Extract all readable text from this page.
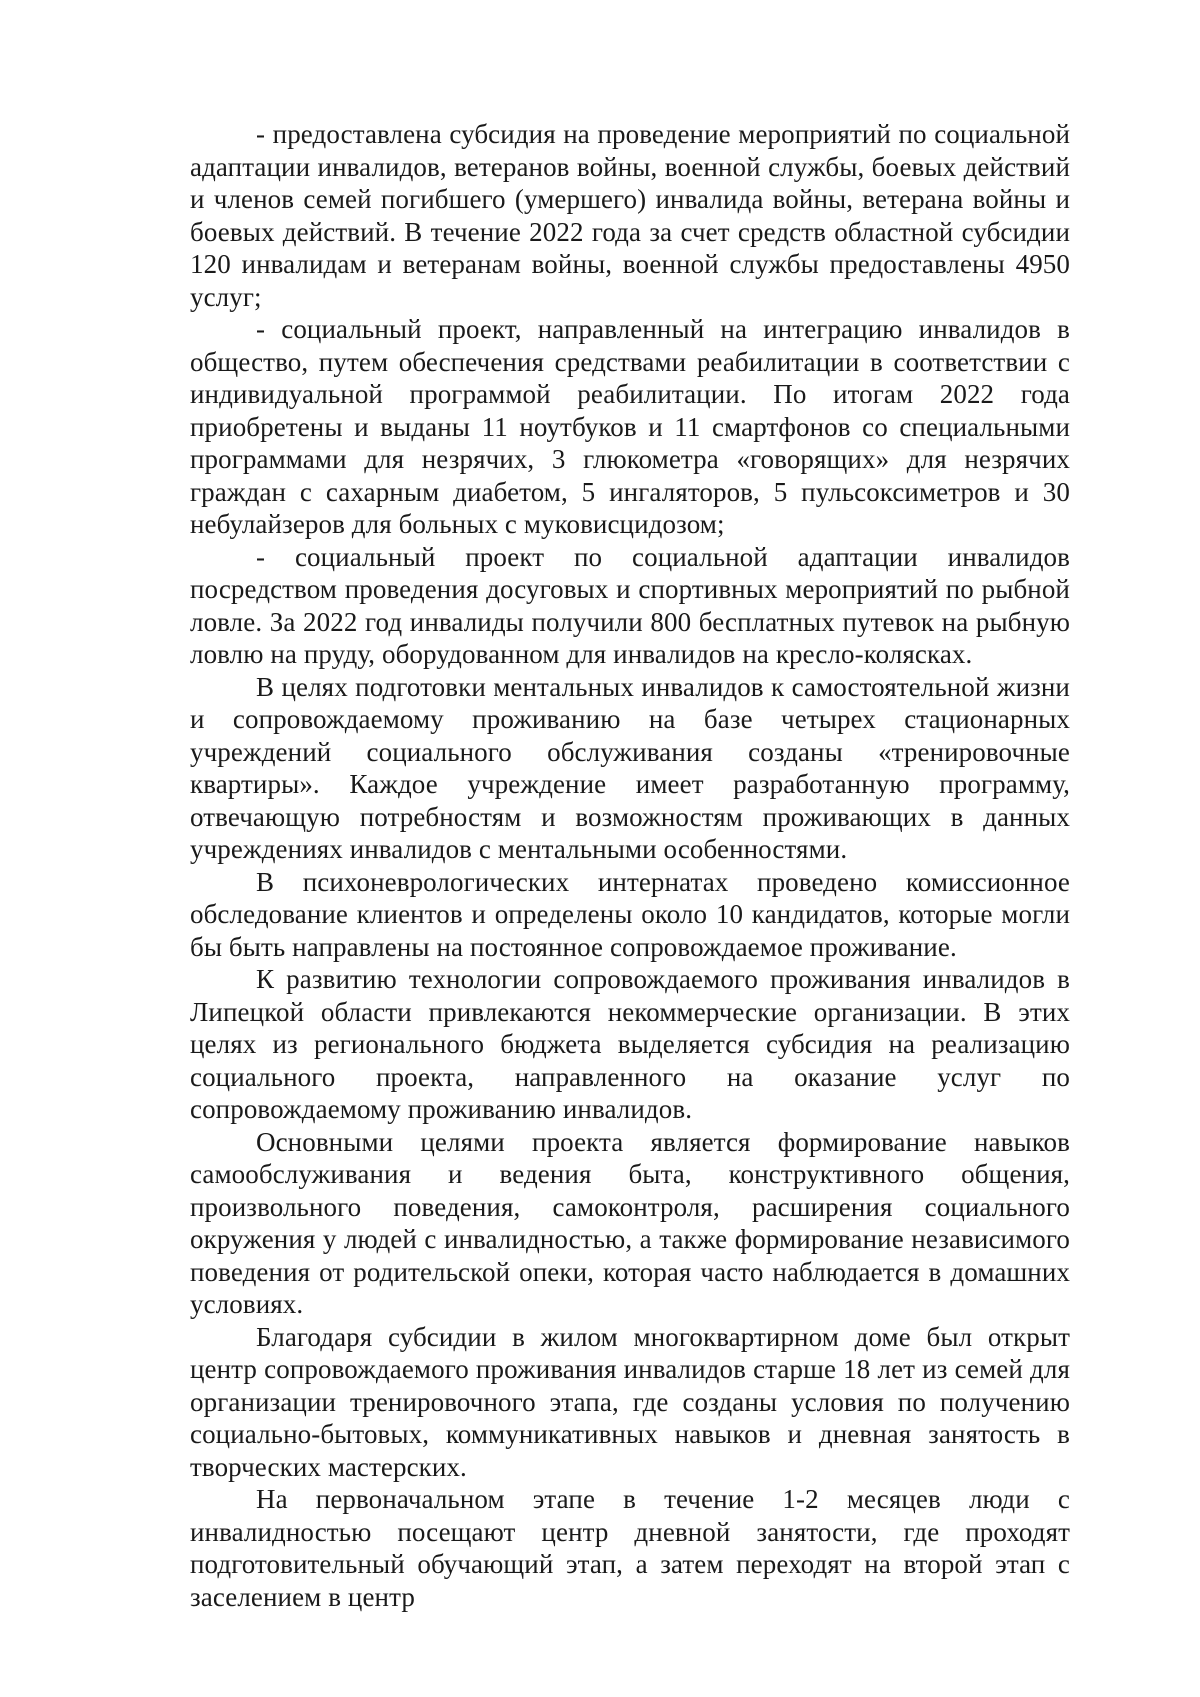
- предоставлена субсидия на проведение мероприятий по социальной адаптации инвалидов, ветеранов войны, военной службы, боевых действий и членов семей погибшего (умершего) инвалида войны, ветерана войны и боевых действий. В течение 2022 года за счет средств областной субсидии 120 инвалидам и ветеранам войны, военной службы предоставлены 4950 услуг;

- социальный проект, направленный на интеграцию инвалидов в общество, путем обеспечения средствами реабилитации в соответствии с индивидуальной программой реабилитации. По итогам 2022 года приобретены и выданы 11 ноутбуков и 11 смартфонов со специальными программами для незрячих, 3 глюкометра «говорящих» для незрячих граждан с сахарным диабетом, 5 ингаляторов, 5 пульсоксиметров и 30 небулайзеров для больных с муковисцидозом;

- социальный проект по социальной адаптации инвалидов посредством проведения досуговых и спортивных мероприятий по рыбной ловле. За 2022 год инвалиды получили 800 бесплатных путевок на рыбную ловлю на пруду, оборудованном для инвалидов на кресло-колясках.

В целях подготовки ментальных инвалидов к самостоятельной жизни и сопровождаемому проживанию на базе четырех стационарных учреждений социального обслуживания созданы «тренировочные квартиры». Каждое учреждение имеет разработанную программу, отвечающую потребностям и возможностям проживающих в данных учреждениях инвалидов с ментальными особенностями.

В психоневрологических интернатах проведено комиссионное обследование клиентов и определены около 10 кандидатов, которые могли бы быть направлены на постоянное сопровождаемое проживание.

К развитию технологии сопровождаемого проживания инвалидов в Липецкой области привлекаются некоммерческие организации. В этих целях из регионального бюджета выделяется субсидия на реализацию социального проекта, направленного на оказание услуг по сопровождаемому проживанию инвалидов.

Основными целями проекта является формирование навыков самообслуживания и ведения быта, конструктивного общения, произвольного поведения, самоконтроля, расширения социального окружения у людей с инвалидностью, а также формирование независимого поведения от родительской опеки, которая часто наблюдается в домашних условиях.

Благодаря субсидии в жилом многоквартирном доме был открыт центр сопровождаемого проживания инвалидов старше 18 лет из семей для организации тренировочного этапа, где созданы условия по получению социально-бытовых, коммуникативных навыков и дневная занятость в творческих мастерских.

На первоначальном этапе в течение 1-2 месяцев люди с инвалидностью посещают центр дневной занятости, где проходят подготовительный обучающий этап, а затем переходят на второй этап с заселением в центр
